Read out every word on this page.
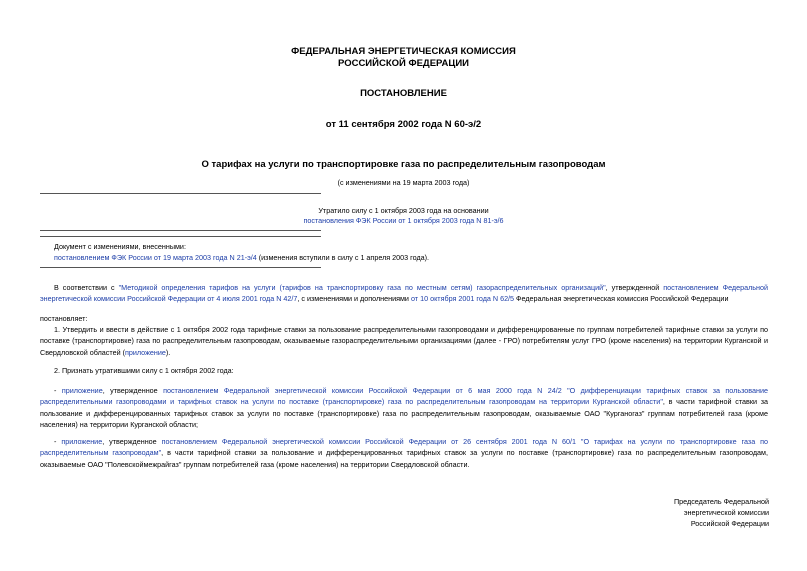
ФЕДЕРАЛЬНАЯ ЭНЕРГЕТИЧЕСКАЯ КОМИССИЯ
РОССИЙСКОЙ ФЕДЕРАЦИИ
ПОСТАНОВЛЕНИЕ
от 11 сентября 2002 года N 60-э/2
О тарифах на услуги по транспортировке газа по распределительным газопроводам
(с изменениями на 19 марта 2003 года)
Утратило силу с 1 октября 2003 года на основании
постановления ФЭК России от 1 октября 2003 года N 81-э/6
Документ с изменениями, внесенными:
постановлением ФЭК России от 19 марта 2003 года N 21-э/4 (изменения вступили в силу с 1 апреля 2003 года).
В соответствии с "Методикой определения тарифов на услуги (тарифов на транспортировку газа по местным сетям) газораспределительных организаций", утвержденной постановлением Федеральной энергетической комиссии Российской Федерации от 4 июля 2001 года N 42/7, с изменениями и дополнениями от 10 октября 2001 года N 62/5 Федеральная энергетическая комиссия Российской Федерации
постановляет:
1. Утвердить и ввести в действие с 1 октября 2002 года тарифные ставки за пользование распределительными газопроводами и дифференцированные по группам потребителей тарифные ставки за услуги по поставке (транспортировке) газа по распределительным газопроводам, оказываемые газораспределительными организациями (далее - ГРО) потребителям услуг ГРО (кроме населения) на территории Курганской и Свердловской областей (приложение).
2. Признать утратившими силу с 1 октября 2002 года:
- приложение, утвержденное постановлением Федеральной энергетической комиссии Российской Федерации от 6 мая 2000 года N 24/2 "О дифференциации тарифных ставок за пользование распределительными газопроводами и тарифных ставок на услуги по поставке (транспортировке) газа по распределительным газопроводам на территории Курганской области", в части тарифной ставки за пользование и дифференцированных тарифных ставок за услуги по поставке (транспортировке) газа по распределительным газопроводам, оказываемые ОАО "Курганогаз" группам потребителей газа (кроме населения) на территории Курганской области;
- приложение, утвержденное постановлением Федеральной энергетической комиссии Российской Федерации от 26 сентября 2001 года N 60/1 "О тарифах на услуги по транспортировке газа по распределительным газопроводам", в части тарифной ставки за пользование и дифференцированных тарифных ставок за услуги по поставке (транспортировке) газа по распределительным газопроводам, оказываемые ОАО "Полевскоймежрайгаз" группам потребителей газа (кроме населения) на территории Свердловской области.
Председатель Федеральной
энергетической комиссии
Российской Федерации
